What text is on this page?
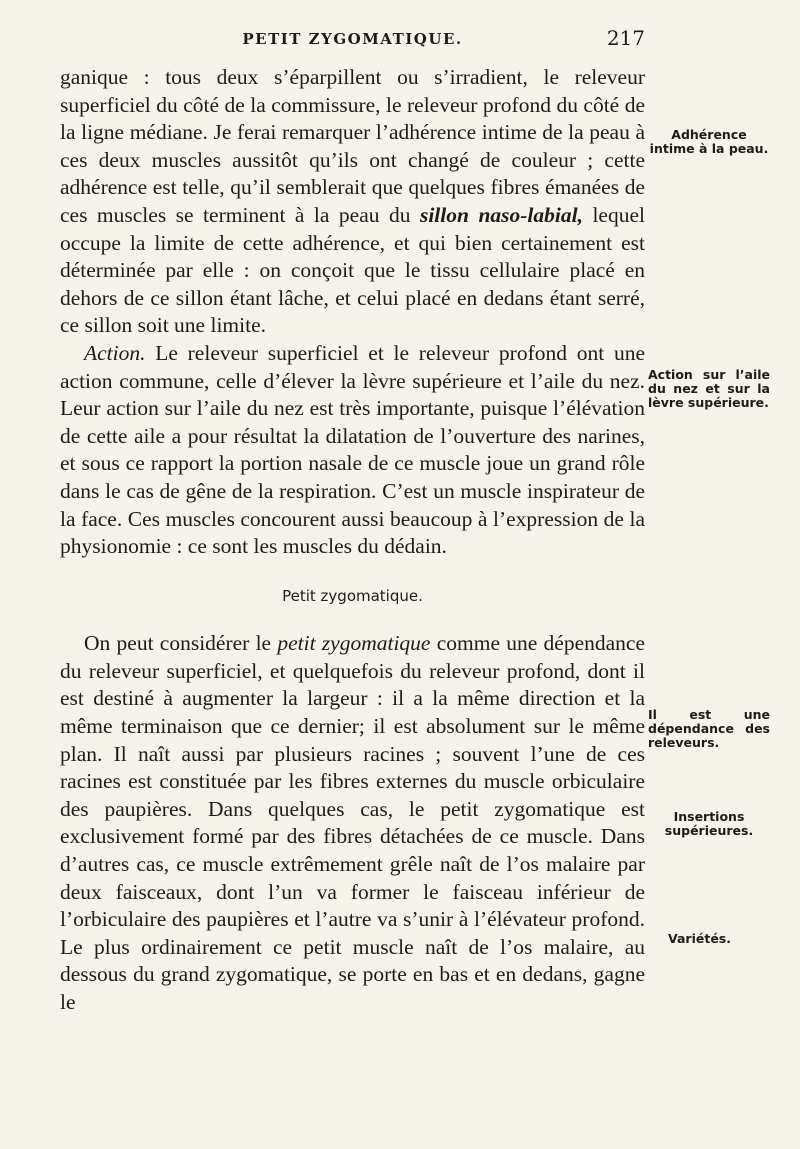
PETIT ZYGOMATIQUE.	217

ganique : tous deux s’éparpillent ou s’irradient, le releveur superficiel du côté de la commissure, le releveur profond du côté de la ligne médiane. Je ferai remarquer l’adhérence intime de la peau à ces deux muscles aussitôt qu’ils ont changé de couleur ; cette adhérence est telle, qu’il semblerait que quelques fibres émanées de ces muscles se terminent à la peau du sillon naso-labial, lequel occupe la limite de cette adhérence, et qui bien certainement est déterminée par elle : on conçoit que le tissu cellulaire placé en dehors de ce sillon étant lâche, et celui placé en dedans étant serré, ce sillon soit une limite.

Action. Le releveur superficiel et le releveur profond ont une action commune, celle d’élever la lèvre supérieure et l’aile du nez. Leur action sur l’aile du nez est très importante, puisque l’élévation de cette aile a pour résultat la dilatation de l’ouverture des narines, et sous ce rapport la portion nasale de ce muscle joue un grand rôle dans le cas de gêne de la respiration. C’est un muscle inspirateur de la face. Ces muscles concourent aussi beaucoup à l’expression de la physionomie : ce sont les muscles du dédain.

Petit zygomatique.

On peut considérer le petit zygomatique comme une dépendance du releveur superficiel, et quelquefois du releveur profond, dont il est destiné à augmenter la largeur : il a la même direction et la même terminaison que ce dernier; il est absolument sur le même plan. Il naît aussi par plusieurs racines ; souvent l’une de ces racines est constituée par les fibres externes du muscle orbiculaire des paupières. Dans quelques cas, le petit zygomatique est exclusivement formé par des fibres détachées de ce muscle. Dans d’autres cas, ce muscle extrêmement grêle naît de l’os malaire par deux faisceaux, dont l’un va former le faisceau inférieur de l’orbiculaire des paupières et l’autre va s’unir à l’élévateur profond. Le plus ordinairement ce petit muscle naît de l’os malaire, au dessous du grand zygomatique, se porte en bas et en dedans, gagne le

Adhérence intime à la peau.
Action sur l’aile du nez et sur la lèvre supérieure.
Il est une dépendance des releveurs.
Insertions supérieures.
Variétés.
